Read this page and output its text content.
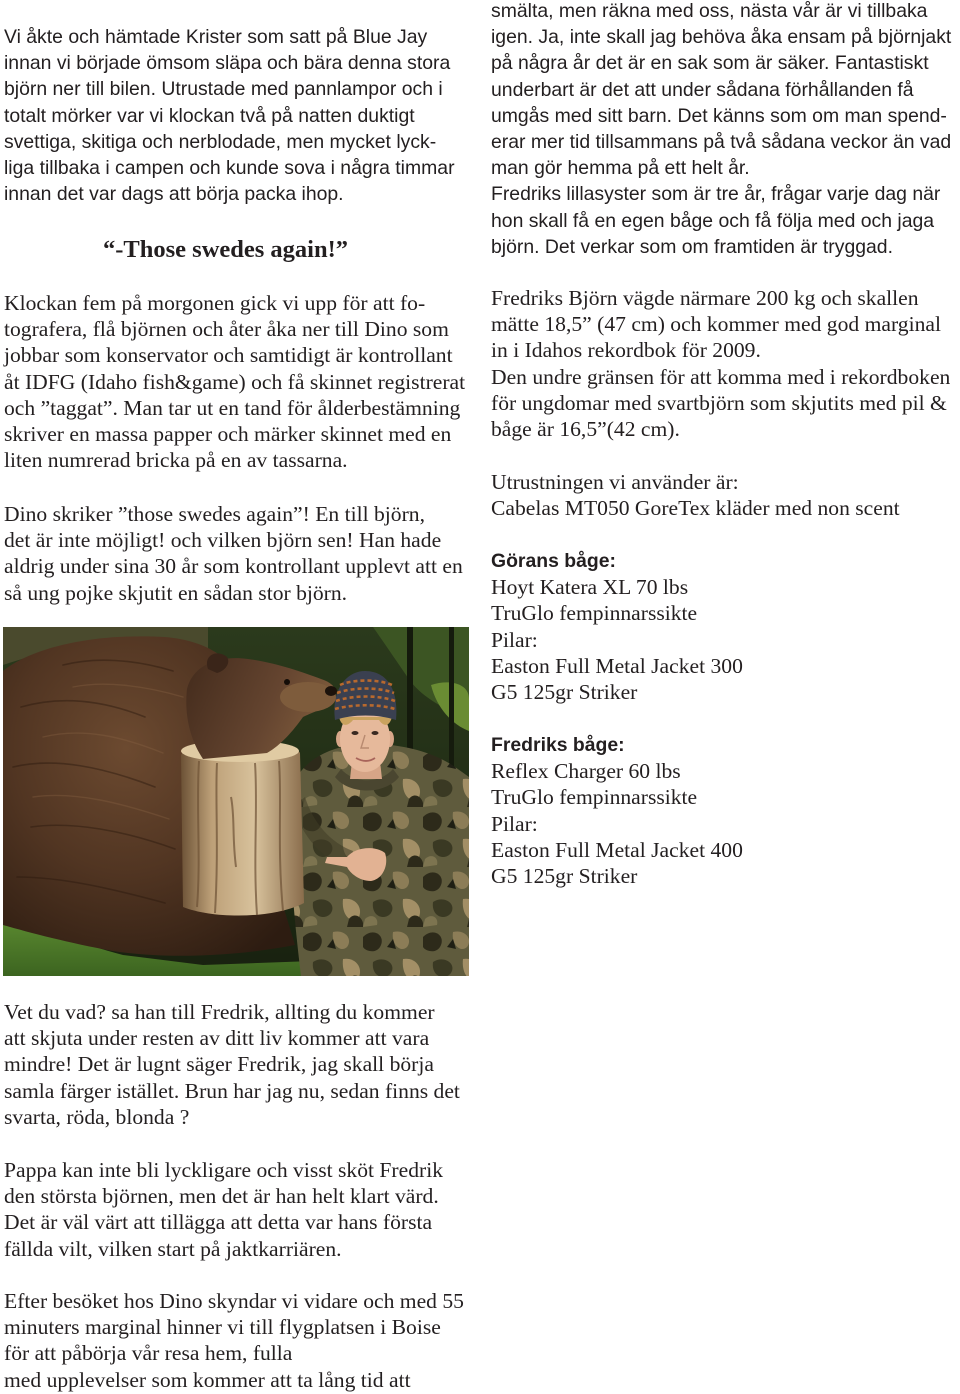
Vi åkte och hämtade Krister som satt på Blue Jay
innan vi började ömsom släpa och bära denna stora
björn ner till bilen. Utrustade med pannlampor och i
totalt mörker var vi klockan två på natten duktigt
svettiga, skitiga och nerblodade, men mycket lyck-
liga tillbaka i campen och kunde sova i några timmar
innan det var dags att börja packa ihop.
“-Those swedes again!”
Klockan fem på morgonen gick vi upp för att fo-
tografera, flå björnen och åter åka ner till Dino som
jobbar som konservator och samtidigt är kontrollant
åt IDFG (Idaho fish&game) och få skinnet registrerat
och ”taggat”. Man tar ut en tand för ålderbestämning
skriver en massa papper och märker skinnet med en
liten numrerad bricka på en av tassarna.
Dino skriker ”those swedes again”! En till björn,
det är inte möjligt! och vilken björn sen! Han hade
aldrig under sina 30 år som kontrollant upplevt att en
så ung pojke skjutit en sådan stor björn.
Vet du vad? sa han till Fredrik, allting du kommer
att skjuta under resten av ditt liv kommer att vara
mindre! Det är lugnt säger Fredrik, jag skall börja
samla färger istället. Brun har jag nu, sedan finns det
svarta, röda, blonda ?
Pappa kan inte bli lyckligare och visst sköt Fredrik
den största björnen, men det är han helt klart värd.
Det är väl värt att tillägga att detta var hans första
fällda vilt, vilken start på jaktkarriären.
Efter besöket hos Dino skyndar vi vidare och med 55
minuters marginal hinner vi till flygplatsen i Boise
för att påbörja vår resa hem, fulla
med upplevelser som kommer att ta lång tid att
smälta, men räkna med oss, nästa vår är vi tillbaka
igen. Ja, inte skall jag behöva åka ensam på björnjakt
på några år det är en sak som är säker. Fantastiskt
underbart är det att under sådana förhållanden få
umgås med sitt barn. Det känns som om man spend-
erar mer tid tillsammans på två sådana veckor än vad
man gör hemma på ett helt år.
Fredriks lillasyster som är tre år, frågar varje dag när
hon skall få en egen båge och få följa med och jaga
björn. Det verkar som om framtiden är tryggad.
Fredriks Björn vägde närmare 200 kg och skallen
mätte 18,5” (47 cm) och kommer med god marginal
in i Idahos rekordbok för 2009.
Den undre gränsen för att komma med i rekordboken
för ungdomar med svartbjörn som skjutits med pil &
båge är 16,5”(42 cm).
Utrustningen vi använder är:
Cabelas MT050 GoreTex kläder med non scent
Görans båge:
Hoyt Katera XL 70 lbs
TruGlo fempinnarssikte
Pilar:
Easton Full Metal Jacket 300
G5 125gr Striker
Fredriks båge:
Reflex Charger 60 lbs
TruGlo fempinnarssikte
Pilar:
Easton Full Metal Jacket 400
G5 125gr Striker
